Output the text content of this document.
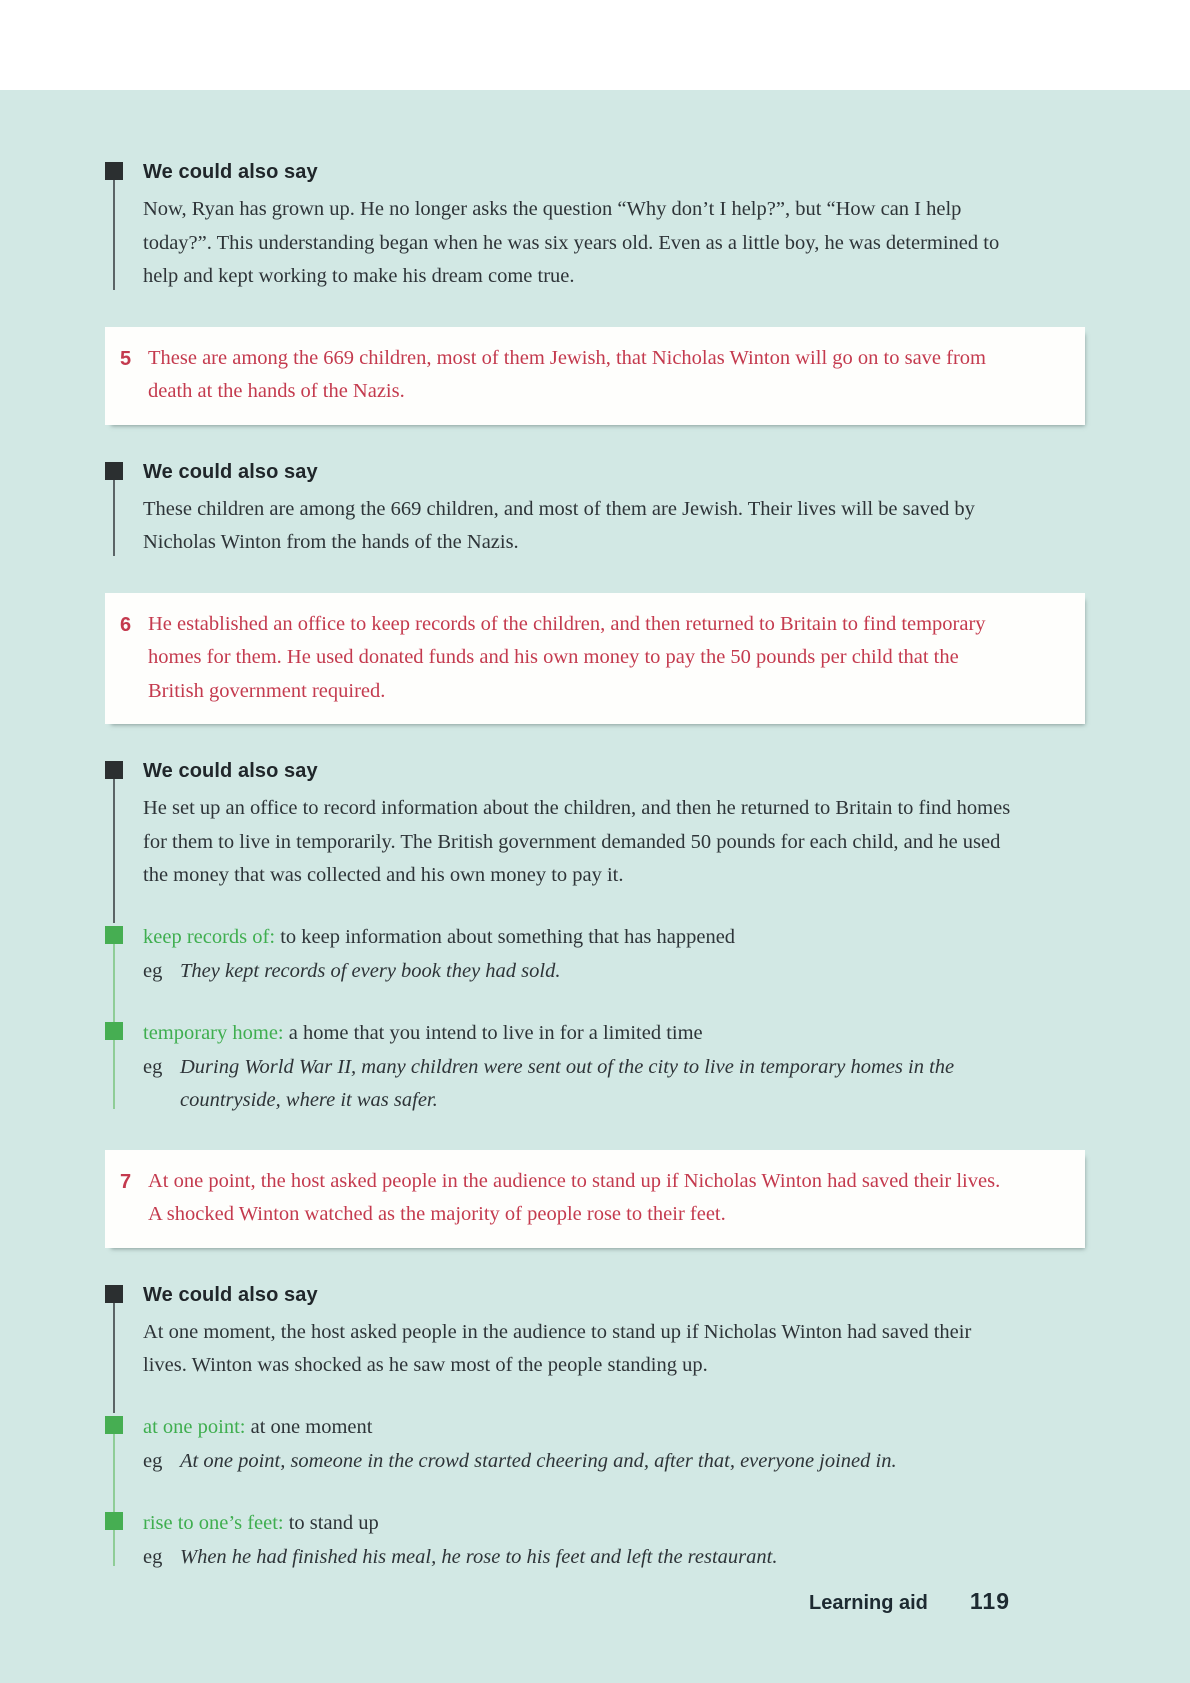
We could also say

Now, Ryan has grown up. He no longer asks the question “Why don’t I help?”, but “How can I help today?”. This understanding began when he was six years old. Even as a little boy, he was determined to help and kept working to make his dream come true.

5 These are among the 669 children, most of them Jewish, that Nicholas Winton will go on to save from death at the hands of the Nazis.

We could also say

These children are among the 669 children, and most of them are Jewish. Their lives will be saved by Nicholas Winton from the hands of the Nazis.

6 He established an office to keep records of the children, and then returned to Britain to find temporary homes for them. He used donated funds and his own money to pay the 50 pounds per child that the British government required.

We could also say

He set up an office to record information about the children, and then he returned to Britain to find homes for them to live in temporarily. The British government demanded 50 pounds for each child, and he used the money that was collected and his own money to pay it.

keep records of: to keep information about something that has happened

eg They kept records of every book they had sold.

temporary home: a home that you intend to live in for a limited time

eg During World War II, many children were sent out of the city to live in temporary homes in the countryside, where it was safer.
7 At one point, the host asked people in the audience to stand up if Nicholas Winton had saved their lives. A shocked Winton watched as the majority of people rose to their feet.

We could also say

At one moment, the host asked people in the audience to stand up if Nicholas Winton had saved their lives. Winton was shocked as he saw most of the people standing up.

at one point: at one moment

eg At one point, someone in the crowd started cheering and, after that, everyone joined in.

rise to one’s feet: to stand up

eg When he had finished his meal, he rose to his feet and left the restaurant.
Learning aid 119
